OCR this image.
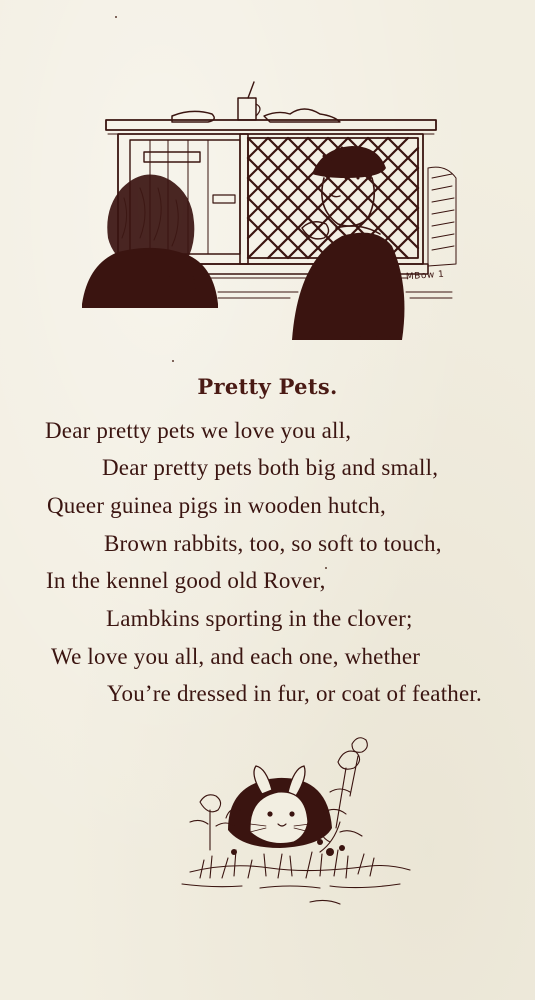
MBow 1
Pretty Pets.
Dear pretty pets we love you all,
Dear pretty pets both big and small,
Queer guinea pigs in wooden hutch,
Brown rabbits, too, so soft to touch,
In the kennel good old Rover,
Lambkins sporting in the clover;
We love you all, and each one, whether
You’re dressed in fur, or coat of feather.
